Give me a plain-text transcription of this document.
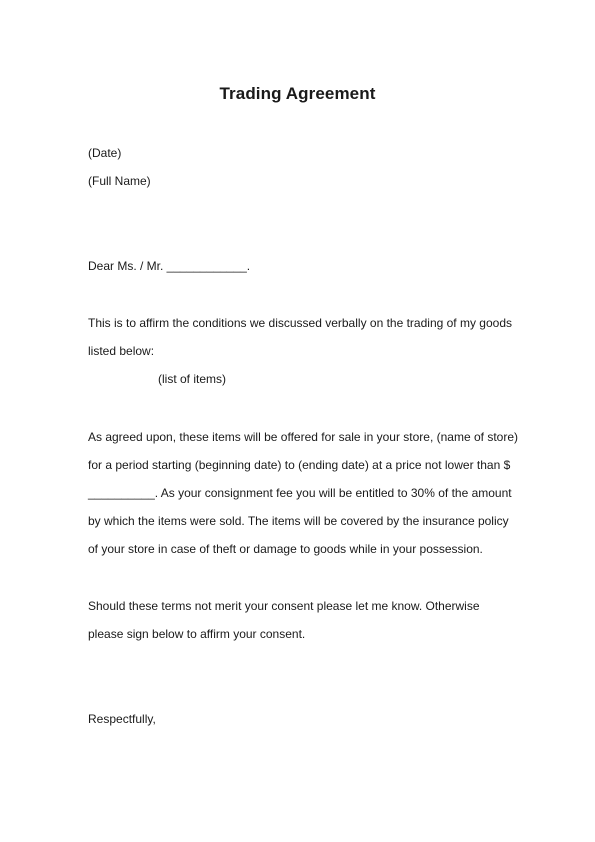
Trading Agreement
(Date)
(Full Name)
Dear Ms. / Mr. ____________.
This is to affirm the conditions we discussed verbally on the trading of my goods
listed below:
(list of items)
As agreed upon, these items will be offered for sale in your store, (name of store)
for a period starting (beginning date) to (ending date) at a price not lower than $
__________. As your consignment fee you will be entitled to 30% of the amount
by which the items were sold. The items will be covered by the insurance policy
of your store in case of theft or damage to goods while in your possession.
Should these terms not merit your consent please let me know. Otherwise
please sign below to affirm your consent.
Respectfully,
